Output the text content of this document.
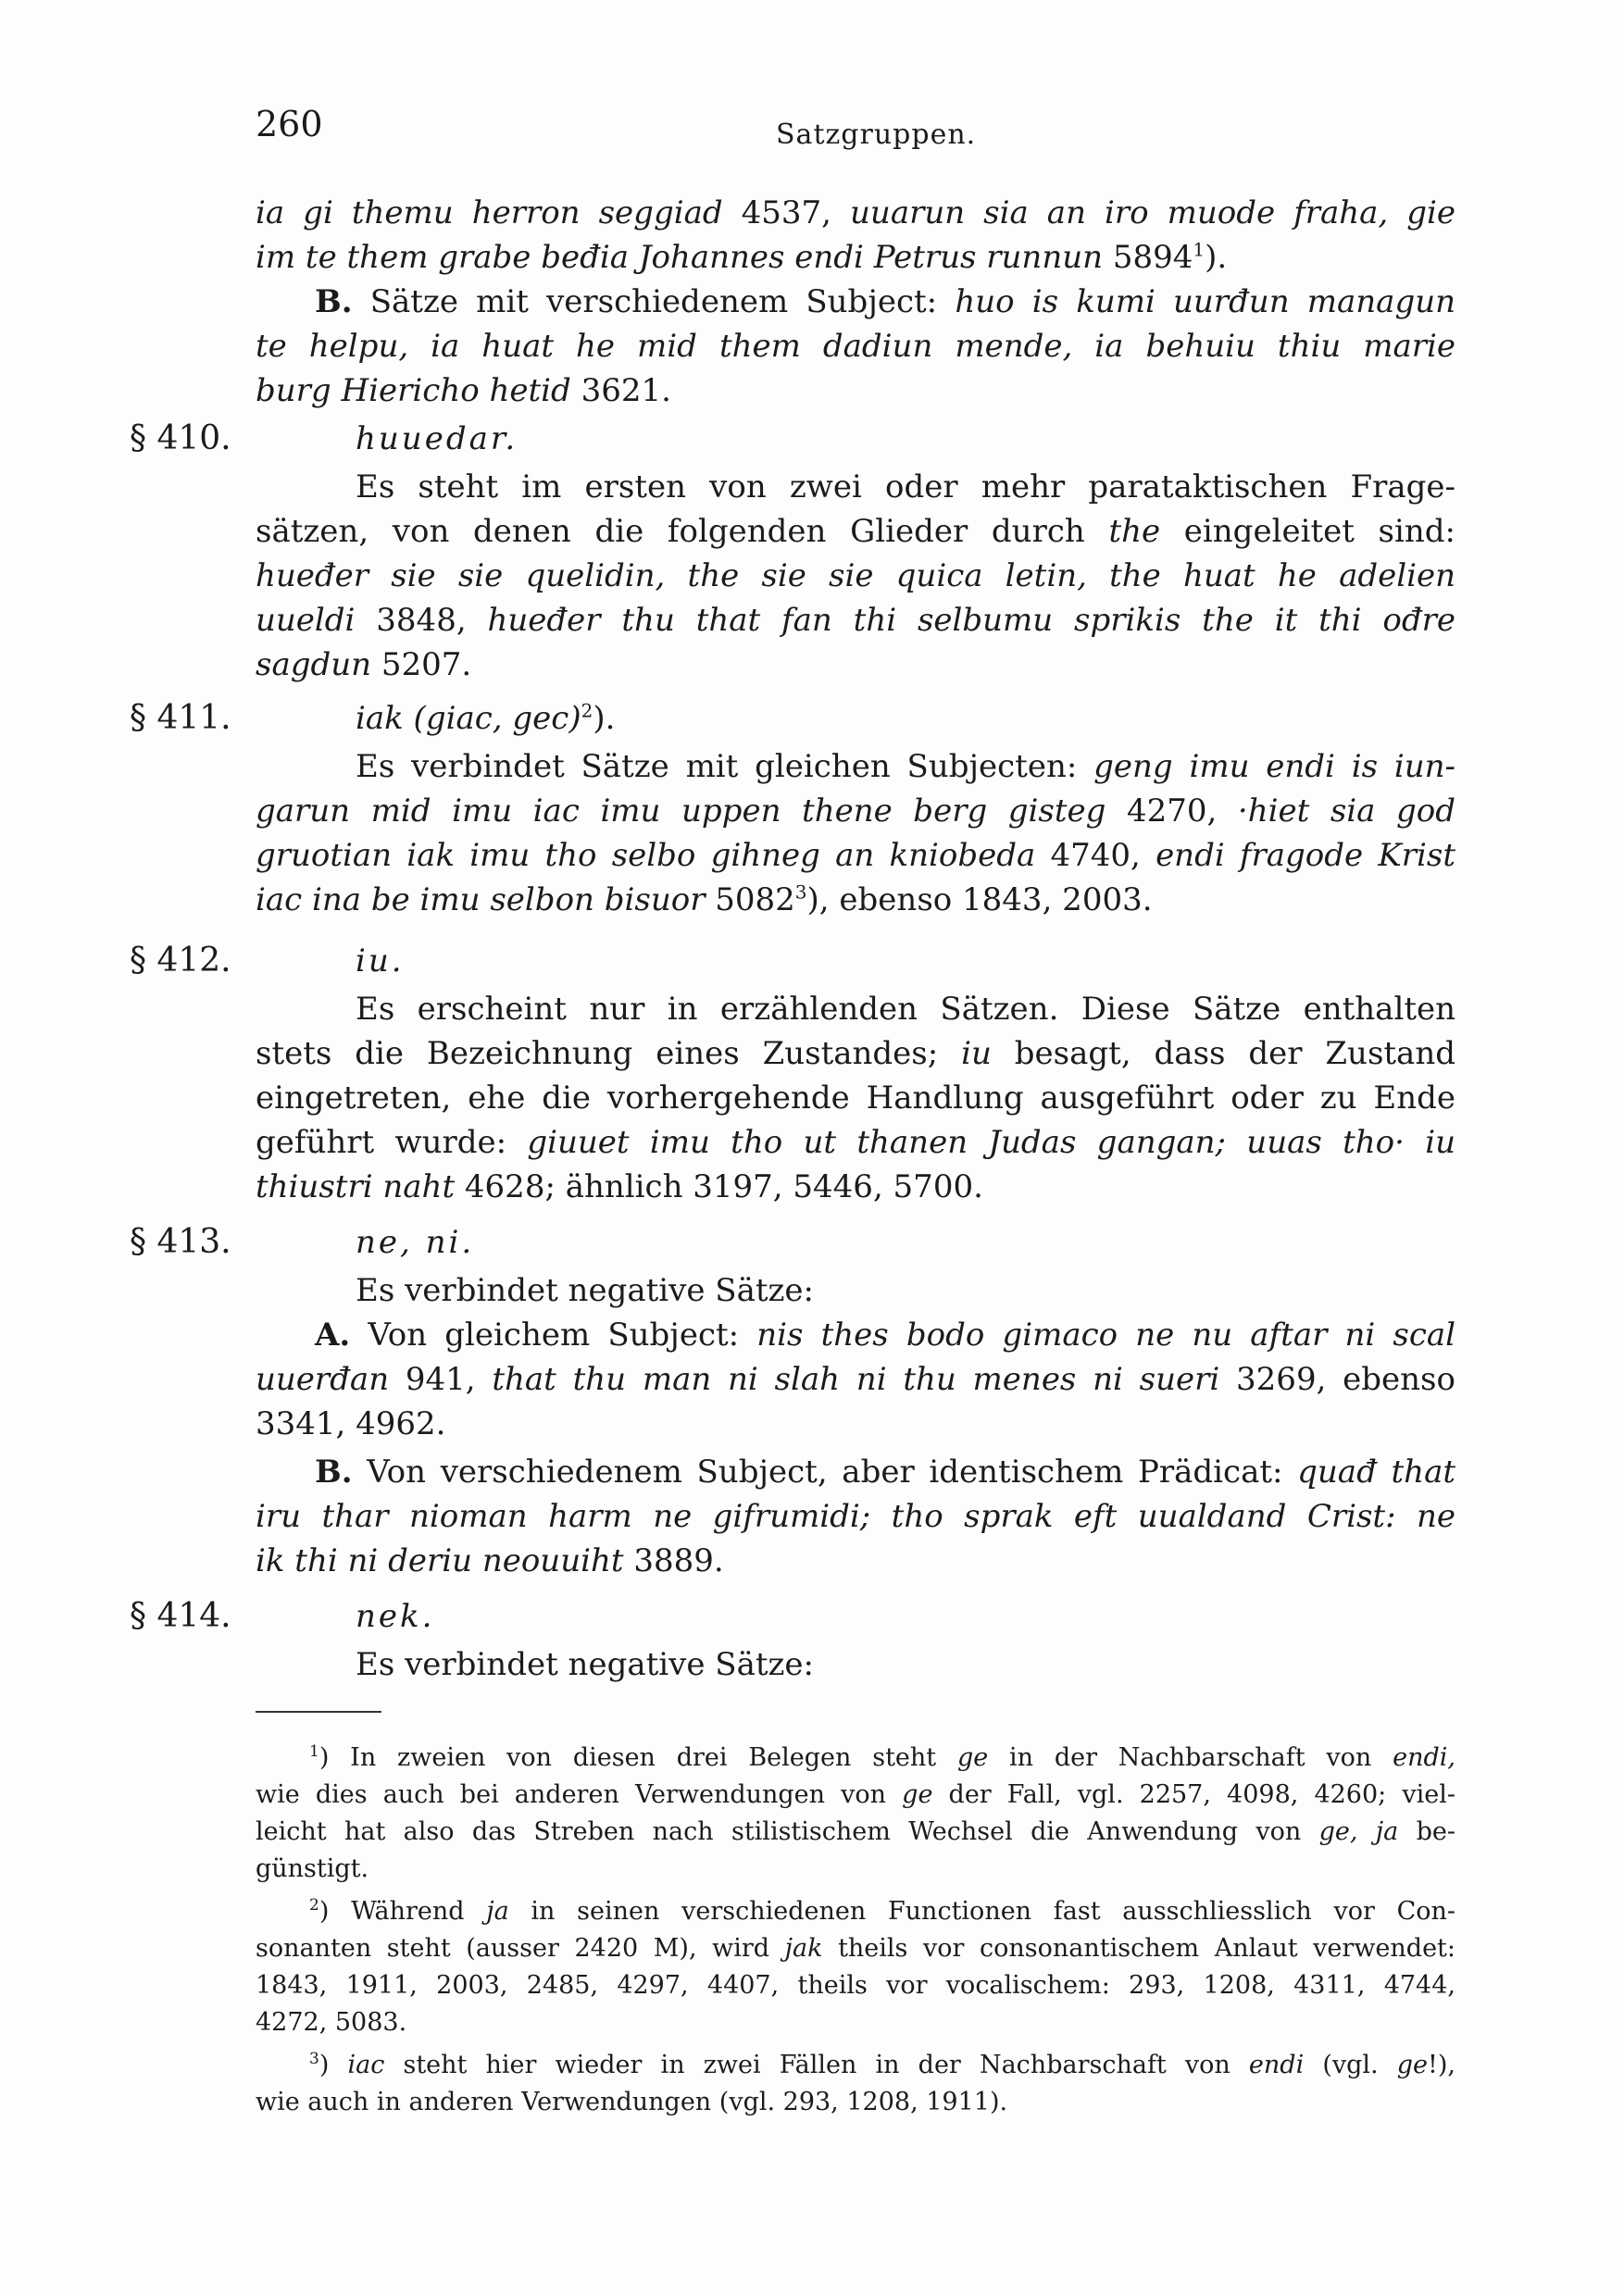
260	Satzgruppen.
ia gi themu herron seggiad 4537, uuarun sia an iro muode fraha, gie
im te them grabe beđia Johannes endi Petrus runnun 5894$^1$).
B. Sätze mit verschiedenem Subject: huo is kumi uurđun managun
te helpu, ia huat he mid them dadiun mende, ia behuiu thiu marie
burg Hiericho hetid 3621.
§ 410.	huuedar.
Es steht im ersten von zwei oder mehr parataktischen Frage-
sätzen, von denen die folgenden Glieder durch the eingeleitet sind:
hueđer sie sie quelidin, the sie sie quica letin, the huat he adelien
uueldi 3848, hueđer thu that fan thi selbumu sprikis the it thi ođre
sagdun 5207.
§ 411.	iak (giac, gec)$^2$).
Es verbindet Sätze mit gleichen Subjecten: geng imu endi is iun-
garun mid imu iac imu uppen thene berg gisteg 4270, ·hiet sia god
gruotian iak imu tho selbo gihneg an kniobeda 4740, endi fragode Krist
iac ina be imu selbon bisuor 5082$^3$), ebenso 1843, 2003.
§ 412.	iu.
Es erscheint nur in erzählenden Sätzen. Diese Sätze enthalten
stets die Bezeichnung eines Zustandes; iu besagt, dass der Zustand
eingetreten, ehe die vorhergehende Handlung ausgeführt oder zu Ende
geführt wurde: giuuet imu tho ut thanen Judas gangan; uuas tho· iu
thiustri naht 4628; ähnlich 3197, 5446, 5700.
§ 413.	ne, ni.
Es verbindet negative Sätze:
A. Von gleichem Subject: nis thes bodo gimaco ne nu aftar ni scal
uuerđan 941, that thu man ni slah ni thu menes ni sueri 3269, ebenso
3341, 4962.
B. Von verschiedenem Subject, aber identischem Prädicat: quađ that
iru thar nioman harm ne gifrumidi; tho sprak eft uualdand Crist: ne
ik thi ni deriu neouuiht 3889.
§ 414.	nek.
Es verbindet negative Sätze:
$^1$) In zweien von diesen drei Belegen steht ge in der Nachbarschaft von endi,
wie dies auch bei anderen Verwendungen von ge der Fall, vgl. 2257, 4098, 4260; viel-
leicht hat also das Streben nach stilistischem Wechsel die Anwendung von ge, ja be-
günstigt.
$^2$) Während ja in seinen verschiedenen Functionen fast ausschliesslich vor Con-
sonanten steht (ausser 2420 M), wird jak theils vor consonantischem Anlaut verwendet:
1843, 1911, 2003, 2485, 4297, 4407, theils vor vocalischem: 293, 1208, 4311, 4744,
4272, 5083.
$^3$) iac steht hier wieder in zwei Fällen in der Nachbarschaft von endi (vgl. ge!),
wie auch in anderen Verwendungen (vgl. 293, 1208, 1911).
